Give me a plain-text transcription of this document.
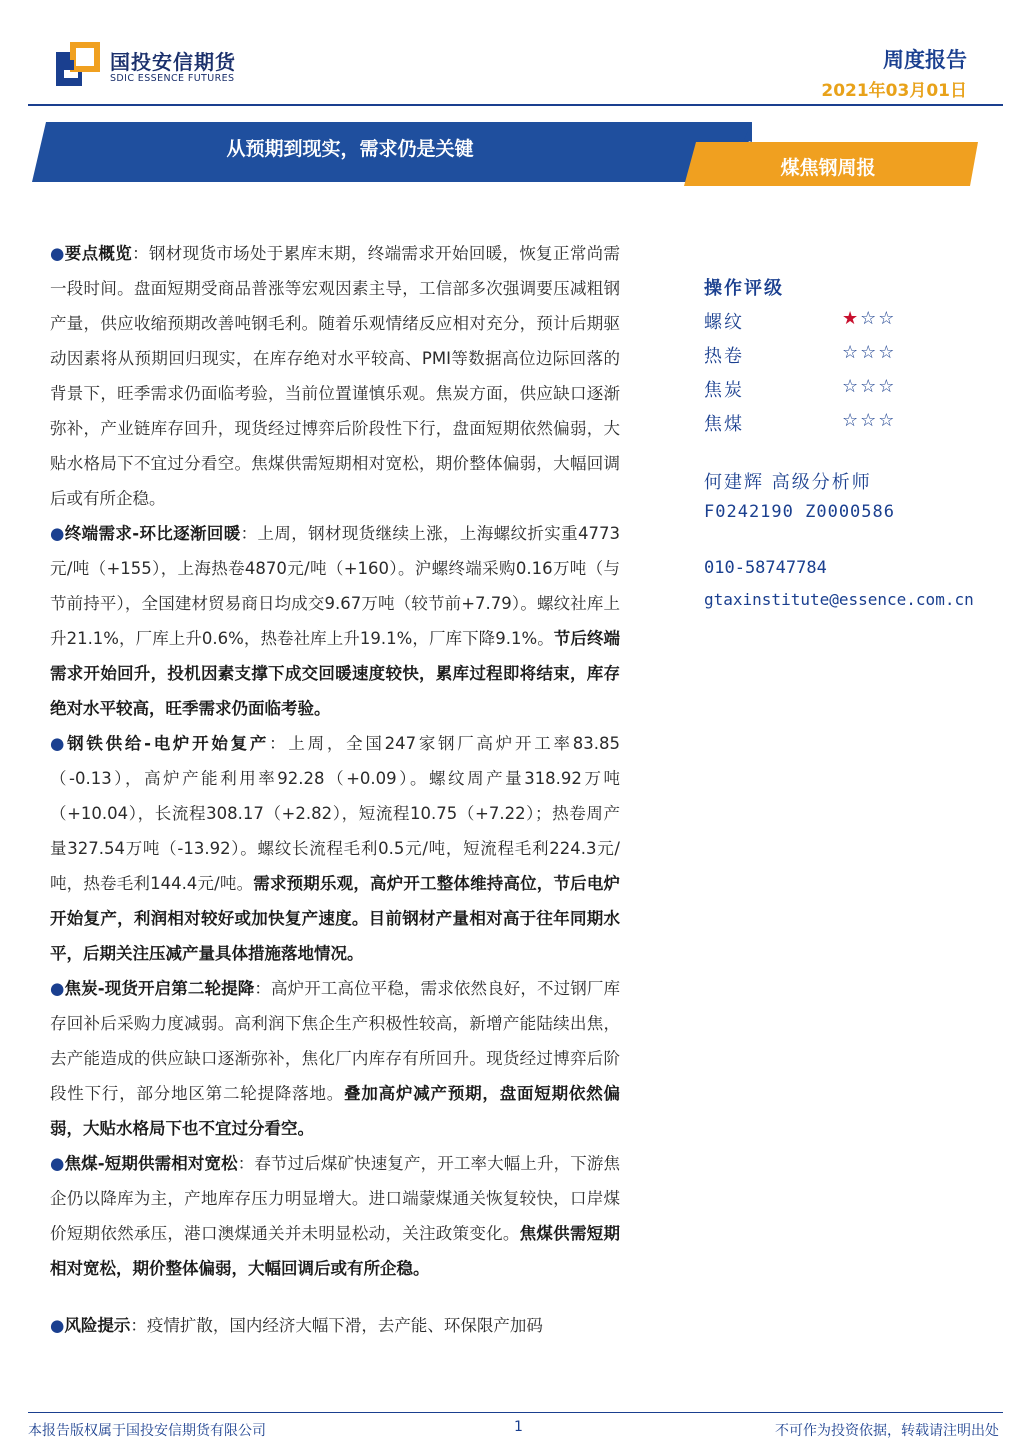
国投安信期货
SDIC ESSENCE FUTURES
周度报告
2021年03月01日
从预期到现实，需求仍是关键
煤焦钢周报

●要点概览：钢材现货市场处于累库末期，终端需求开始回暖，恢复正常尚需一段时间。盘面短期受商品普涨等宏观因素主导，工信部多次强调要压减粗钢产量，供应收缩预期改善吨钢毛利。随着乐观情绪反应相对充分，预计后期驱动因素将从预期回归现实，在库存绝对水平较高、PMI等数据高位边际回落的背景下，旺季需求仍面临考验，当前位置谨慎乐观。焦炭方面，供应缺口逐渐弥补，产业链库存回升，现货经过博弈后阶段性下行，盘面短期依然偏弱，大贴水格局下不宜过分看空。焦煤供需短期相对宽松，期价整体偏弱，大幅回调后或有所企稳。

●终端需求-环比逐渐回暖：上周，钢材现货继续上涨，上海螺纹折实重4773元/吨（+155），上海热卷4870元/吨（+160）。沪螺终端采购0.16万吨（与节前持平），全国建材贸易商日均成交9.67万吨（较节前+7.79）。螺纹社库上升21.1%，厂库上升0.6%，热卷社库上升19.1%，厂库下降9.1%。节后终端需求开始回升，投机因素支撑下成交回暖速度较快，累库过程即将结束，库存绝对水平较高，旺季需求仍面临考验。

●钢铁供给-电炉开始复产：上周，全国247家钢厂高炉开工率83.85（-0.13），高炉产能利用率92.28（+0.09）。螺纹周产量318.92万吨（+10.04），长流程308.17（+2.82），短流程10.75（+7.22）；热卷周产量327.54万吨（-13.92）。螺纹长流程毛利0.5元/吨，短流程毛利224.3元/吨，热卷毛利144.4元/吨。需求预期乐观，高炉开工整体维持高位，节后电炉开始复产，利润相对较好或加快复产速度。目前钢材产量相对高于往年同期水平，后期关注压减产量具体措施落地情况。

●焦炭-现货开启第二轮提降：高炉开工高位平稳，需求依然良好，不过钢厂库存回补后采购力度减弱。高利润下焦企生产积极性较高，新增产能陆续出焦，去产能造成的供应缺口逐渐弥补，焦化厂内库存有所回升。现货经过博弈后阶段性下行，部分地区第二轮提降落地。叠加高炉减产预期，盘面短期依然偏弱，大贴水格局下也不宜过分看空。

●焦煤-短期供需相对宽松：春节过后煤矿快速复产，开工率大幅上升，下游焦企仍以降库为主，产地库存压力明显增大。进口端蒙煤通关恢复较快，口岸煤价短期依然承压，港口澳煤通关并未明显松动，关注政策变化。焦煤供需短期相对宽松，期价整体偏弱，大幅回调后或有所企稳。

●风险提示：疫情扩散，国内经济大幅下滑，去产能、环保限产加码

操作评级
螺纹	★☆☆
热卷	☆☆☆
焦炭	☆☆☆
焦煤	☆☆☆
何建辉 高级分析师
F0242190 Z0000586
010-58747784
gtaxinstitute@essence.com.cn
本报告版权属于国投安信期货有限公司	1	不可作为投资依据，转载请注明出处
